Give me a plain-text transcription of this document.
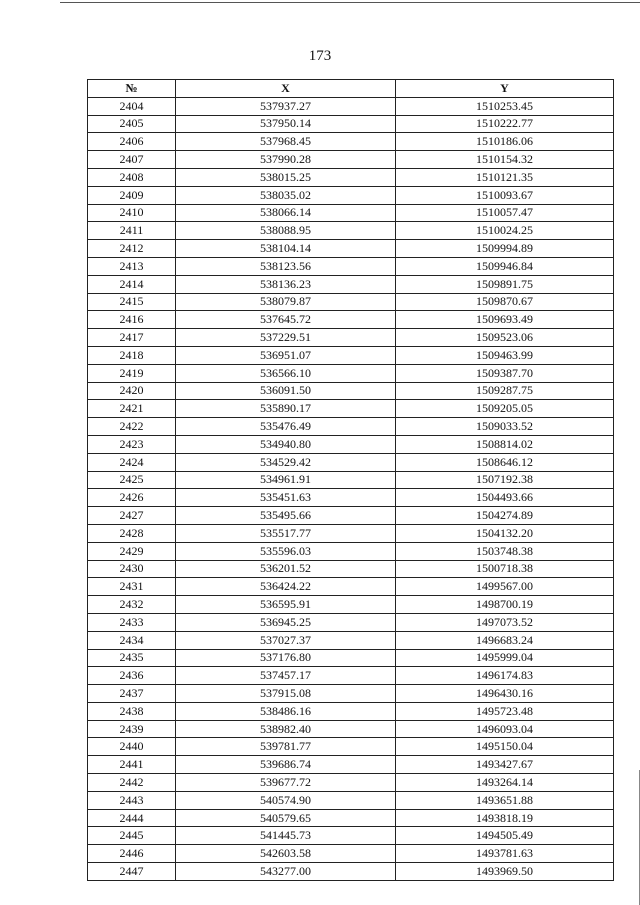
173
№	X	Y
2404	537937.27	1510253.45
2405	537950.14	1510222.77
2406	537968.45	1510186.06
2407	537990.28	1510154.32
2408	538015.25	1510121.35
2409	538035.02	1510093.67
2410	538066.14	1510057.47
2411	538088.95	1510024.25
2412	538104.14	1509994.89
2413	538123.56	1509946.84
2414	538136.23	1509891.75
2415	538079.87	1509870.67
2416	537645.72	1509693.49
2417	537229.51	1509523.06
2418	536951.07	1509463.99
2419	536566.10	1509387.70
2420	536091.50	1509287.75
2421	535890.17	1509205.05
2422	535476.49	1509033.52
2423	534940.80	1508814.02
2424	534529.42	1508646.12
2425	534961.91	1507192.38
2426	535451.63	1504493.66
2427	535495.66	1504274.89
2428	535517.77	1504132.20
2429	535596.03	1503748.38
2430	536201.52	1500718.38
2431	536424.22	1499567.00
2432	536595.91	1498700.19
2433	536945.25	1497073.52
2434	537027.37	1496683.24
2435	537176.80	1495999.04
2436	537457.17	1496174.83
2437	537915.08	1496430.16
2438	538486.16	1495723.48
2439	538982.40	1496093.04
2440	539781.77	1495150.04
2441	539686.74	1493427.67
2442	539677.72	1493264.14
2443	540574.90	1493651.88
2444	540579.65	1493818.19
2445	541445.73	1494505.49
2446	542603.58	1493781.63
2447	543277.00	1493969.50
